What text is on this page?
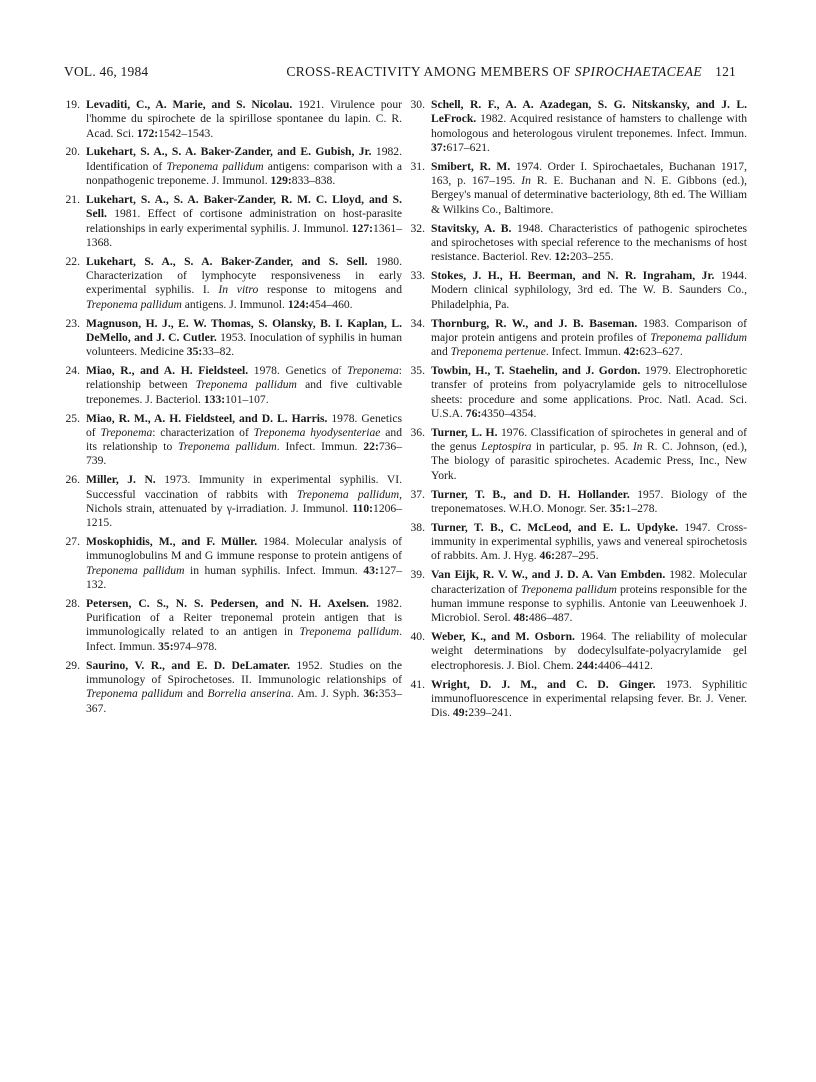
VOL. 46, 1984	CROSS-REACTIVITY AMONG MEMBERS OF SPIROCHAETACEAE 121
19. Levaditi, C., A. Marie, and S. Nicolau. 1921. Virulence pour l'homme du spirochete de la spirillose spontanee du lapin. C. R. Acad. Sci. 172:1542–1543.
20. Lukehart, S. A., S. A. Baker-Zander, and E. Gubish, Jr. 1982. Identification of Treponema pallidum antigens: comparison with a nonpathogenic treponeme. J. Immunol. 129:833–838.
21. Lukehart, S. A., S. A. Baker-Zander, R. M. C. Lloyd, and S. Sell. 1981. Effect of cortisone administration on host-parasite relationships in early experimental syphilis. J. Immunol. 127:1361–1368.
22. Lukehart, S. A., S. A. Baker-Zander, and S. Sell. 1980. Characterization of lymphocyte responsiveness in early experimental syphilis. I. In vitro response to mitogens and Treponema pallidum antigens. J. Immunol. 124:454–460.
23. Magnuson, H. J., E. W. Thomas, S. Olansky, B. I. Kaplan, L. DeMello, and J. C. Cutler. 1953. Inoculation of syphilis in human volunteers. Medicine 35:33–82.
24. Miao, R., and A. H. Fieldsteel. 1978. Genetics of Treponema: relationship between Treponema pallidum and five cultivable treponemes. J. Bacteriol. 133:101–107.
25. Miao, R. M., A. H. Fieldsteel, and D. L. Harris. 1978. Genetics of Treponema: characterization of Treponema hyodysenteriae and its relationship to Treponema pallidum. Infect. Immun. 22:736–739.
26. Miller, J. N. 1973. Immunity in experimental syphilis. VI. Successful vaccination of rabbits with Treponema pallidum, Nichols strain, attenuated by γ-irradiation. J. Immunol. 110:1206–1215.
27. Moskophidis, M., and F. Müller. 1984. Molecular analysis of immunoglobulins M and G immune response to protein antigens of Treponema pallidum in human syphilis. Infect. Immun. 43:127–132.
28. Petersen, C. S., N. S. Pedersen, and N. H. Axelsen. 1982. Purification of a Reiter treponemal protein antigen that is immunologically related to an antigen in Treponema pallidum. Infect. Immun. 35:974–978.
29. Saurino, V. R., and E. D. DeLamater. 1952. Studies on the immunology of Spirochetoses. II. Immunologic relationships of Treponema pallidum and Borrelia anserina. Am. J. Syph. 36:353–367.
30. Schell, R. F., A. A. Azadegan, S. G. Nitskansky, and J. L. LeFrock. 1982. Acquired resistance of hamsters to challenge with homologous and heterologous virulent treponemes. Infect. Immun. 37:617–621.
31. Smibert, R. M. 1974. Order I. Spirochaetales, Buchanan 1917, 163, p. 167–195. In R. E. Buchanan and N. E. Gibbons (ed.), Bergey's manual of determinative bacteriology, 8th ed. The William & Wilkins Co., Baltimore.
32. Stavitsky, A. B. 1948. Characteristics of pathogenic spirochetes and spirochetoses with special reference to the mechanisms of host resistance. Bacteriol. Rev. 12:203–255.
33. Stokes, J. H., H. Beerman, and N. R. Ingraham, Jr. 1944. Modern clinical syphilology, 3rd ed. The W. B. Saunders Co., Philadelphia, Pa.
34. Thornburg, R. W., and J. B. Baseman. 1983. Comparison of major protein antigens and protein profiles of Treponema pallidum and Treponema pertenue. Infect. Immun. 42:623–627.
35. Towbin, H., T. Staehelin, and J. Gordon. 1979. Electrophoretic transfer of proteins from polyacrylamide gels to nitrocellulose sheets: procedure and some applications. Proc. Natl. Acad. Sci. U.S.A. 76:4350–4354.
36. Turner, L. H. 1976. Classification of spirochetes in general and of the genus Leptospira in particular, p. 95. In R. C. Johnson, (ed.), The biology of parasitic spirochetes. Academic Press, Inc., New York.
37. Turner, T. B., and D. H. Hollander. 1957. Biology of the treponematoses. W.H.O. Monogr. Ser. 35:1–278.
38. Turner, T. B., C. McLeod, and E. L. Updyke. 1947. Cross-immunity in experimental syphilis, yaws and venereal spirochetosis of rabbits. Am. J. Hyg. 46:287–295.
39. Van Eijk, R. V. W., and J. D. A. Van Embden. 1982. Molecular characterization of Treponema pallidum proteins responsible for the human immune response to syphilis. Antonie van Leeuwenhoek J. Microbiol. Serol. 48:486–487.
40. Weber, K., and M. Osborn. 1964. The reliability of molecular weight determinations by dodecylsulfate-polyacrylamide gel electrophoresis. J. Biol. Chem. 244:4406–4412.
41. Wright, D. J. M., and C. D. Ginger. 1973. Syphilitic immunofluorescence in experimental relapsing fever. Br. J. Vener. Dis. 49:239–241.
